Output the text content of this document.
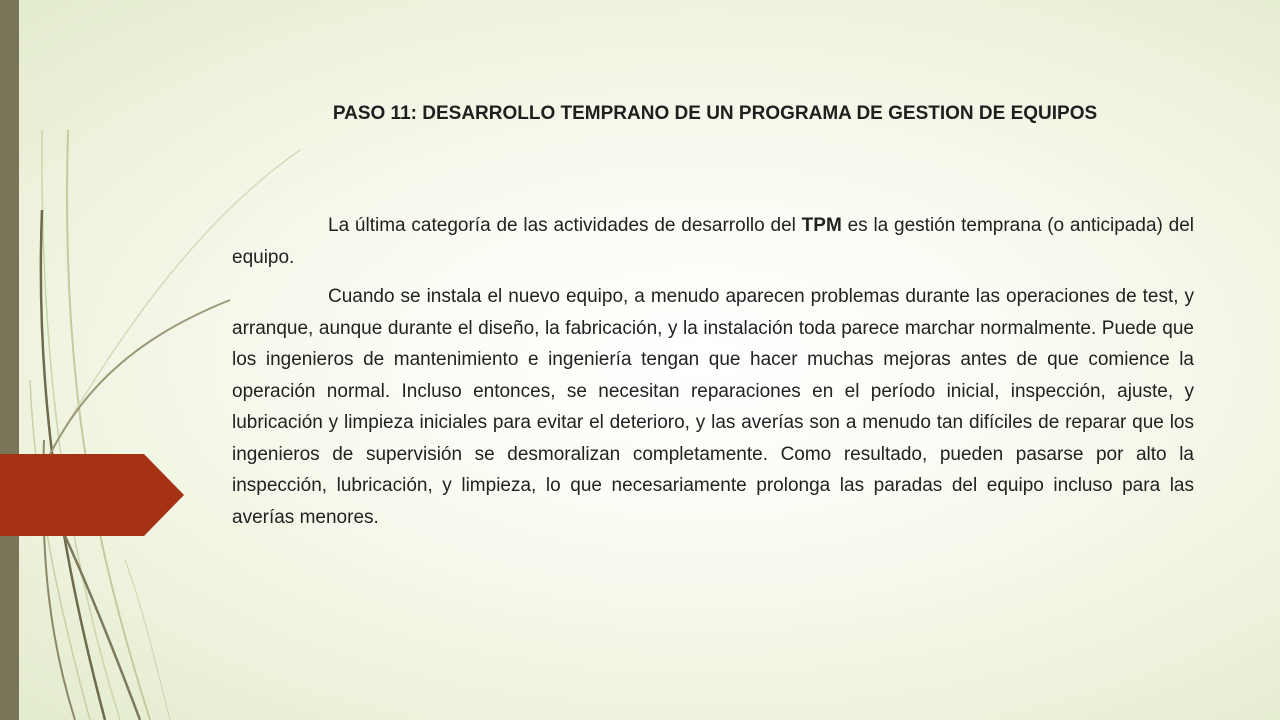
PASO 11: DESARROLLO TEMPRANO DE UN PROGRAMA DE GESTION DE EQUIPOS

La última categoría de las actividades de desarrollo del TPM es la gestión temprana (o anticipada) del equipo.

Cuando se instala el nuevo equipo, a menudo aparecen problemas durante las operaciones de test, y arranque, aunque durante el diseño, la fabricación, y la instalación toda parece marchar normalmente. Puede que los ingenieros de mantenimiento e ingeniería tengan que hacer muchas mejoras antes de que comience la operación normal. Incluso entonces, se necesitan reparaciones en el período inicial, inspección, ajuste, y lubricación y limpieza iniciales para evitar el deterioro, y las averías son a menudo tan difíciles de reparar que los ingenieros de supervisión se desmoralizan completamente. Como resultado, pueden pasarse por alto la inspección, lubricación, y limpieza, lo que necesariamente prolonga las paradas del equipo incluso para las averías menores.
